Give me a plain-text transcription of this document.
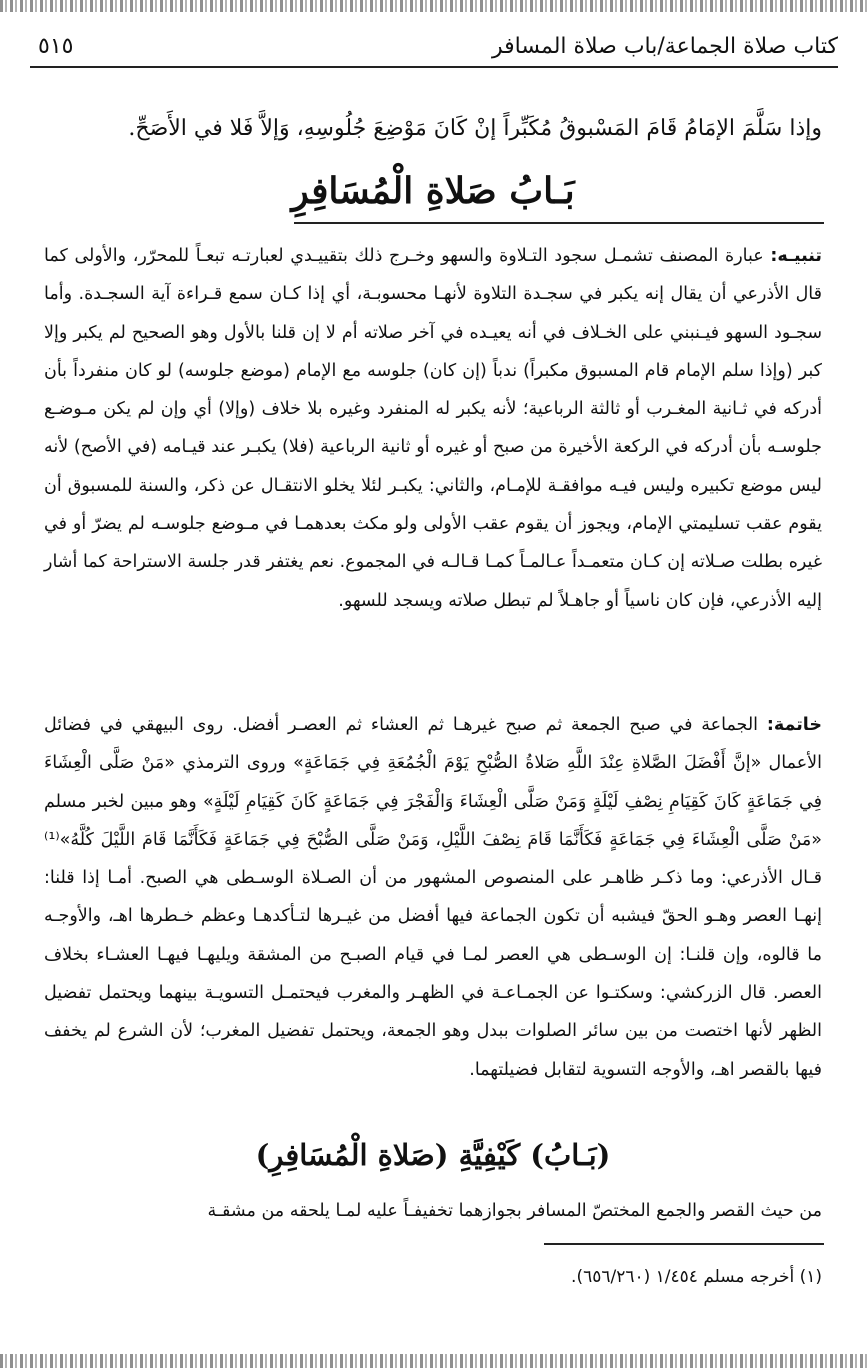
كتاب صلاة الجماعة/باب صلاة المسافر
٥١٥
وإذا سَلَّمَ الإمَامُ قَامَ المَسْبوقُ مُكَبِّراً إنْ كَانَ مَوْضِعَ جُلُوسِهِ، وَإلاَّ فَلا في الأَصَحِّ.
بَـابُ صَلاةِ الْمُسَافِرِ
تنبيـه: عبارة المصنف تشمـل سجود التـلاوة والسهو وخـرج ذلك بتقييـدي لعبارتـه تبعـاً للمحرّر، والأولى كما قال الأذرعي أن يقال إنه يكبر في سجـدة التلاوة لأنهـا محسوبـة، أي إذا كـان سمع قـراءة آية السجـدة. وأما سجـود السهو فيـنبني على الخـلاف في أنه يعيـده في آخر صلاته أم لا إن قلنا بالأول وهو الصحيح لم يكبر وإلا كبر (وإذا سلم الإمام قام المسبوق مكبراً) ندباً (إن كان) جلوسه مع الإمام (موضع جلوسه) لو كان منفرداً بأن أدركه في ثـانية المغـرب أو ثالثة الرباعية؛ لأنه يكبر له المنفرد وغيره بلا خلاف (وإلا) أي وإن لم يكن مـوضـع جلوسـه بأن أدركه في الركعة الأخيرة من صبح أو غيره أو ثانية الرباعية (فلا) يكبـر عند قيـامه (في الأصح) لأنه ليس موضع تكبيره وليس فيـه موافقـة للإمـام، والثاني: يكبـر لئلا يخلو الانتقـال عن ذكر، والسنة للمسبوق أن يقوم عقب تسليمتي الإمام، ويجوز أن يقوم عقب الأولى ولو مكث بعدهمـا في مـوضع جلوسـه لم يضرّ أو في غيره بطلت صـلاته إن كـان متعمـداً عـالمـاً كمـا قـالـه في المجموع. نعم يغتفر قدر جلسة الاستراحة كما أشار إليه الأذرعي، فإن كان ناسياً أو جاهـلاً لم تبطل صلاته ويسجد للسهو.
خاتمة: الجماعة في صبح الجمعة ثم صبح غيرهـا ثم العشاء ثم العصـر أفضل. روى البيهقي في فضائل الأعمال «إنَّ أَفْضَلَ الصَّلاةِ عِنْدَ اللَّهِ صَلاةُ الصُّبْحِ يَوْمَ الْجُمُعَةِ فِي جَمَاعَةٍ» وروى الترمذي «مَنْ صَلَّى الْعِشَاءَ فِي جَمَاعَةٍ كَانَ كَقِيَامِ نِصْفِ لَيْلَةٍ وَمَنْ صَلَّى الْعِشَاءَ وَالْفَجْرَ فِي جَمَاعَةٍ كَانَ كَقِيَامِ لَيْلَةٍ» وهو مبين لخبر مسلم «مَنْ صَلَّى الْعِشَاءَ فِي جَمَاعَةٍ فَكَأَنَّمَا قَامَ نِصْفَ اللَّيْلِ، وَمَنْ صَلَّى الصُّبْحَ فِي جَمَاعَةٍ فَكَأَنَّمَا قَامَ اللَّيْلَ كُلَّهُ»⁽¹⁾ قـال الأذرعي: وما ذكـر ظاهـر على المنصوص المشهور من أن الصـلاة الوسـطى هي الصبح. أمـا إذا قلنا: إنهـا العصر وهـو الحقّ فيشبه أن تكون الجماعة فيها أفضل من غيـرها لتـأكدهـا وعظم خـطرها اهـ، والأوجـه ما قالوه، وإن قلنـا: إن الوسـطى هي العصر لمـا في قيام الصبـح من المشقة ويليهـا فيهـا العشـاء بخلاف العصر. قال الزركشي: وسكتـوا عن الجمـاعـة في الظهـر والمغرب فيحتمـل التسويـة بينهما ويحتمل تفضيل الظهر لأنها اختصت من بين سائر الصلوات ببدل وهو الجمعة، ويحتمل تفضيل المغرب؛ لأن الشرع لم يخفف فيها بالقصر اهـ، والأوجه التسوية لتقابل فضيلتهما.
(بَـابُ) كَيْفِيَّةِ (صَلاةِ الْمُسَافِرِ)
من حيث القصر والجمع المختصّ المسافر بجوازهما تخفيفـاً عليه لمـا يلحقه من مشقـة
(١) أخرجه مسلم ١/٤٥٤ (٦٥٦/٢٦٠).
